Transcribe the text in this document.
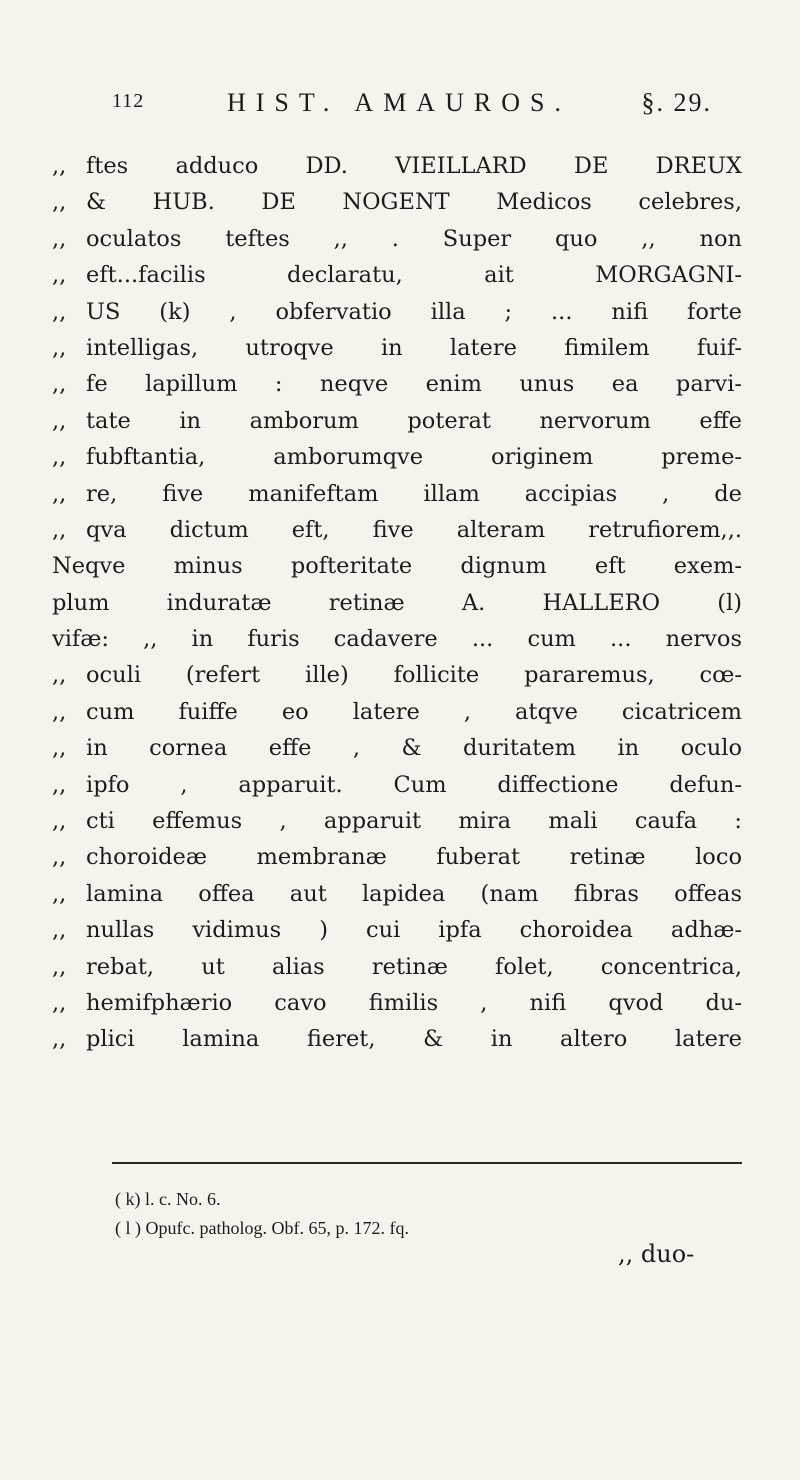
112	HIST. AMAUROS.	§. 29.
,, ftes adduco DD. VIEILLARD DE DREUX
,, & HUB. DE NOGENT Medicos celebres,
,, oculatos teftes ,, . Super quo ,, non
,, eft...facilis declaratu, ait MORGAGNI-
,, US (k) , obfervatio illa ; ... nifi forte
,, intelligas, utroqve in latere fimilem fuif-
,, fe lapillum : neqve enim unus ea parvi-
,, tate in amborum poterat nervorum effe
,, fubftantia, amborumqve originem preme-
,, re, five manifeftam illam accipias , de
,, qva dictum eft, five alteram retrufiorem,,.
Neqve minus pofteritate dignum eft exem-
plum induratæ retinæ A. HALLERO (l)
vifæ: ,, in furis cadavere ... cum ... nervos
,, oculi (refert ille) follicite pararemus, cœ-
,, cum fuiffe eo latere , atqve cicatricem
,, in cornea effe , & duritatem in oculo
,, ipfo , apparuit. Cum diffectione defun-
,, cti effemus , apparuit mira mali caufa :
,, choroideæ membranæ fuberat retinæ loco
,, lamina offea aut lapidea (nam fibras offeas
,, nullas vidimus ) cui ipfa choroidea adhæ-
,, rebat, ut alias retinæ folet, concentrica,
,, hemifphærio cavo fimilis , nifi qvod du-
,, plici lamina fieret, & in altero latere
( k) l. c. No. 6.
( l ) Opufc. patholog. Obf. 65, p. 172. fq.
,, duo-
